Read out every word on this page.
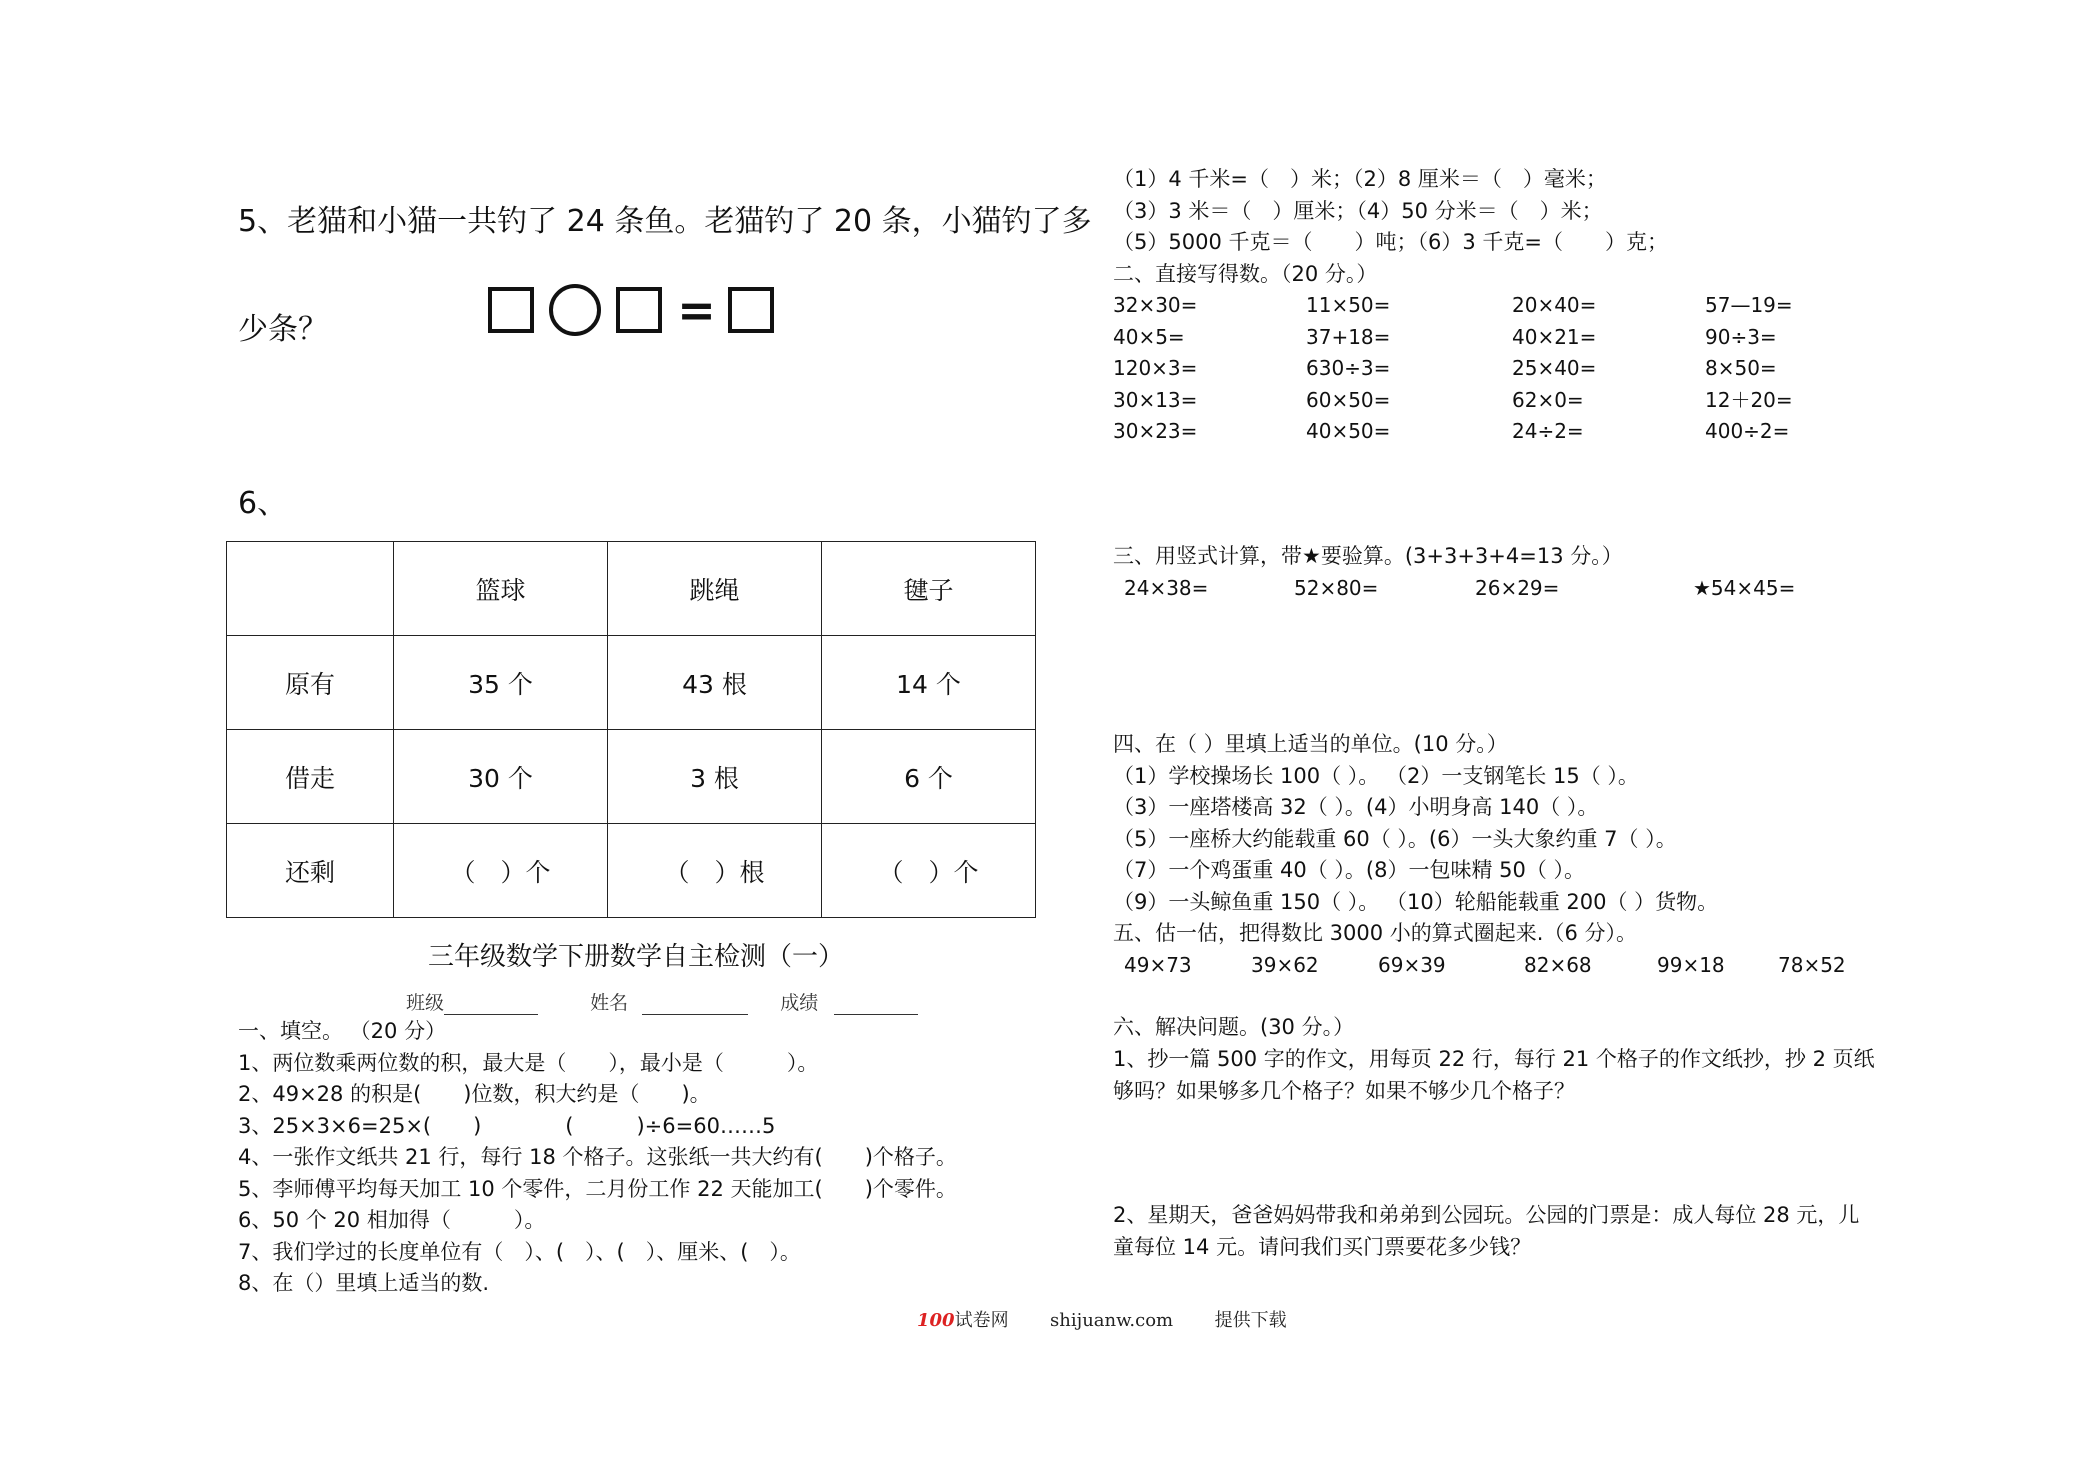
5、老猫和小猫一共钓了 24 条鱼。老猫钓了 20 条，小猫钓了多
少条？	=
6、
	篮球	跳绳	毽子
原有	35 个	43 根	14 个
借走	30 个	3 根	6 个
还剩	（　）个	（　）根	（　）个
三年级数学下册数学自主检测（一）
班级	姓名	成绩
一、填空。 （20 分）
1、两位数乘两位数的积，最大是（　　），最小是（　　　）。
2、49×28 的积是(　　)位数，积大约是（　　)。
3、25×3×6=25×(　　)　　　　(　　　)÷6=60……5
4、一张作文纸共 21 行，每行 18 个格子。这张纸一共大约有(　　)个格子。
5、李师傅平均每天加工 10 个零件，二月份工作 22 天能加工(　　)个零件。
6、50 个 20 相加得（　　　）。
7、我们学过的长度单位有（　）、(　）、(　）、厘米、(　）。
8、在（）里填上适当的数.
（1）4 千米=（　）米；（2）8 厘米＝（　）毫米；
（3）3 米＝（　）厘米；（4）50 分米＝（　）米；
（5）5000 千克＝（　　）吨；（6）3 千克=（　　）克；
二、直接写得数。（20 分。）
32×30=	11×50=	20×40=	57—19=
40×5=	37+18=	40×21=	90÷3=
120×3=	630÷3=	25×40=	8×50=
30×13=	60×50=	62×0=	12＋20=
30×23=	40×50=	24÷2=	400÷2=
三、用竖式计算，带★要验算。(3+3+3+4=13 分。）
24×38=	52×80=	26×29=	★54×45=
四、在（ ）里填上适当的单位。(10 分。）
（1）学校操场长 100（ ）。 （2）一支钢笔长 15（ ）。
（3）一座塔楼高 32（ ）。(4）小明身高 140（ ）。
（5）一座桥大约能载重 60（ ）。(6）一头大象约重 7（ ）。
（7）一个鸡蛋重 40（ ）。(8）一包味精 50（ ）。
（9）一头鲸鱼重 150（ ）。 （10）轮船能载重 200（ ）货物。
五、估一估，把得数比 3000 小的算式圈起来.（6 分）。
49×73	39×62	69×39	82×68	99×18	78×52
六、解决问题。(30 分。）
1、抄一篇 500 字的作文，用每页 22 行，每行 21 个格子的作文纸抄，抄 2 页纸
够吗？如果够多几个格子？如果不够少几个格子？
2、星期天，爸爸妈妈带我和弟弟到公园玩。公园的门票是：成人每位 28 元，儿
童每位 14 元。请问我们买门票要花多少钱？
100试卷网 shijuanw.com 提供下载
